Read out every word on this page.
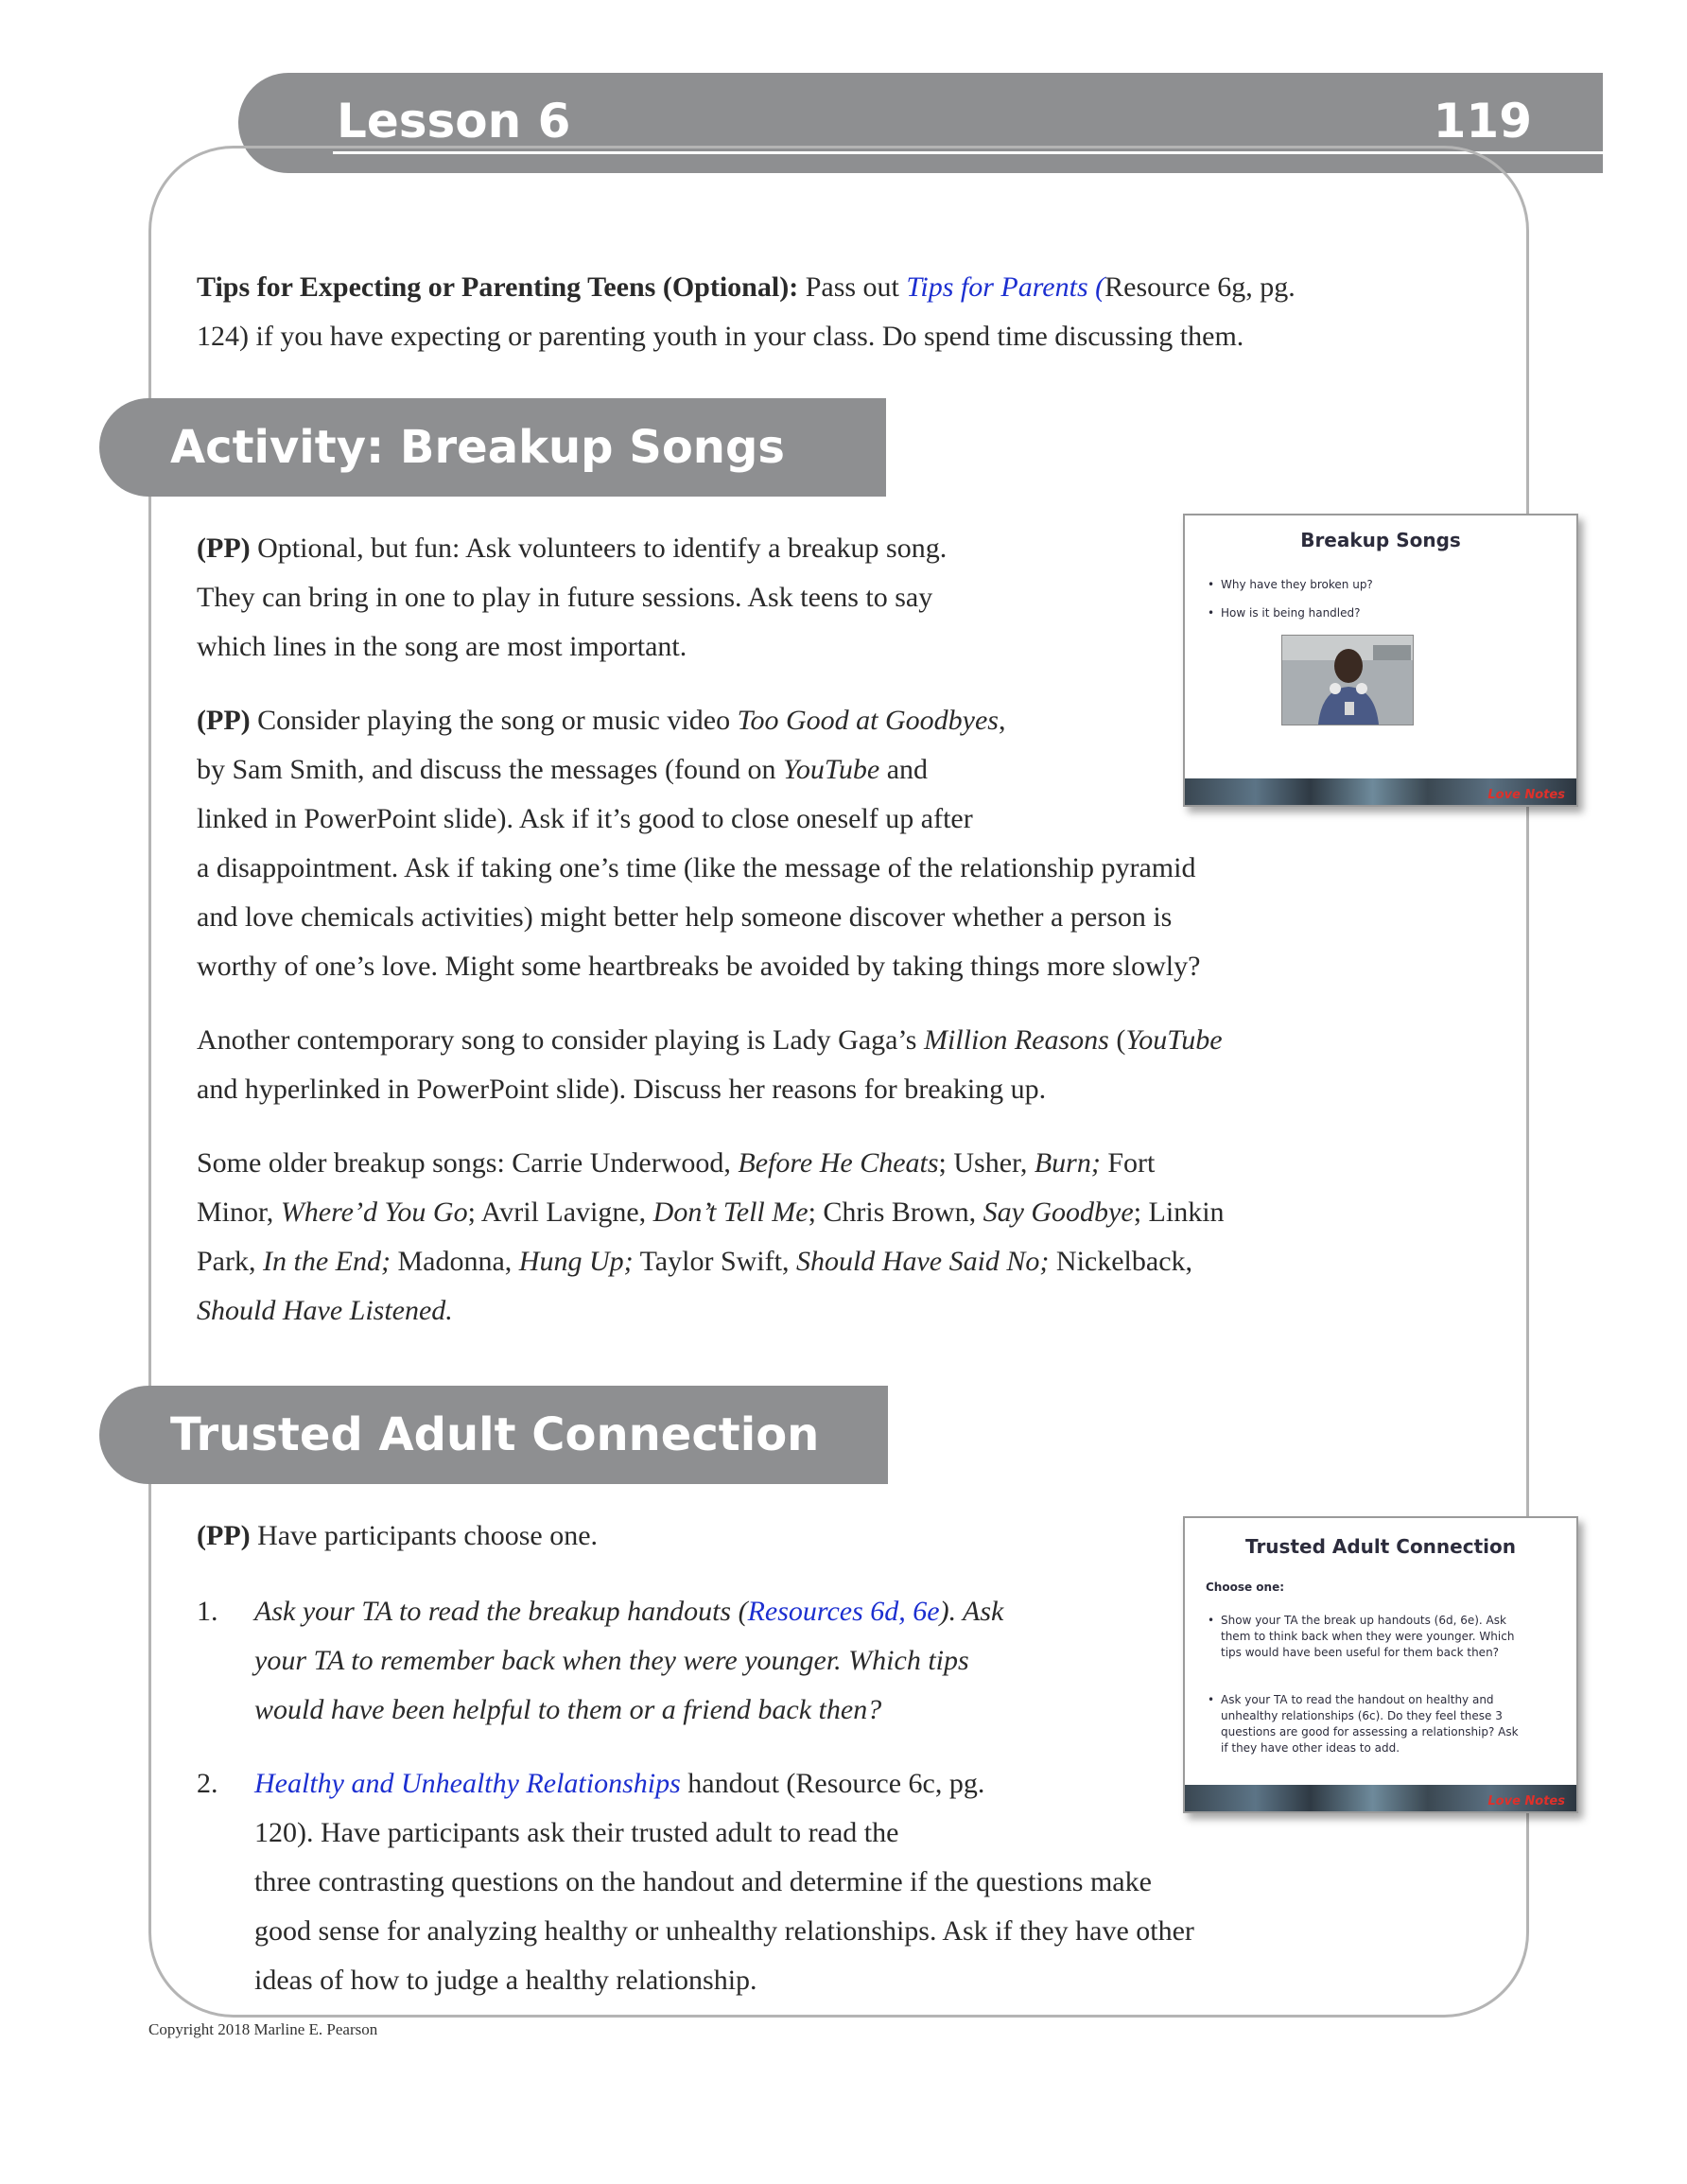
Lesson 6	119

Tips for Expecting or Parenting Teens (Optional): Pass out Tips for Parents (Resource 6g, pg.
124) if you have expecting or parenting youth in your class. Do spend time discussing them.

Activity: Breakup Songs

(PP) Optional, but fun: Ask volunteers to identify a breakup song.
They can bring in one to play in future sessions. Ask teens to say
which lines in the song are most important.

(PP) Consider playing the song or music video Too Good at Goodbyes,
by Sam Smith, and discuss the messages (found on YouTube and
linked in PowerPoint slide). Ask if it’s good to close oneself up after
a disappointment. Ask if taking one’s time (like the message of the relationship pyramid
and love chemicals activities) might better help someone discover whether a person is
worthy of one’s love. Might some heartbreaks be avoided by taking things more slowly?

Another contemporary song to consider playing is Lady Gaga’s Million Reasons (YouTube
and hyperlinked in PowerPoint slide). Discuss her reasons for breaking up.

Some older breakup songs: Carrie Underwood, Before He Cheats; Usher, Burn; Fort
Minor, Where’d You Go; Avril Lavigne, Don’t Tell Me; Chris Brown, Say Goodbye; Linkin
Park, In the End; Madonna, Hung Up; Taylor Swift, Should Have Said No; Nickelback,
Should Have Listened.

Breakup Songs
• Why have they broken up?
• How is it being handled?
Love Notes
Trusted Adult Connection

(PP) Have participants choose one.

1. Ask your TA to read the breakup handouts (Resources 6d, 6e). Ask
your TA to remember back when they were younger. Which tips
would have been helpful to them or a friend back then?

2. Healthy and Unhealthy Relationships handout (Resource 6c, pg.
120). Have participants ask their trusted adult to read the
three contrasting questions on the handout and determine if the questions make
good sense for analyzing healthy or unhealthy relationships. Ask if they have other
ideas of how to judge a healthy relationship.

Trusted Adult Connection
Choose one:
• Show your TA the break up handouts (6d, 6e). Ask
them to think back when they were younger. Which
tips would have been useful for them back then?
• Ask your TA to read the handout on healthy and
unhealthy relationships (6c). Do they feel these 3
questions are good for assessing a relationship? Ask
if they have other ideas to add.
Love Notes
Copyright 2018 Marline E. Pearson
